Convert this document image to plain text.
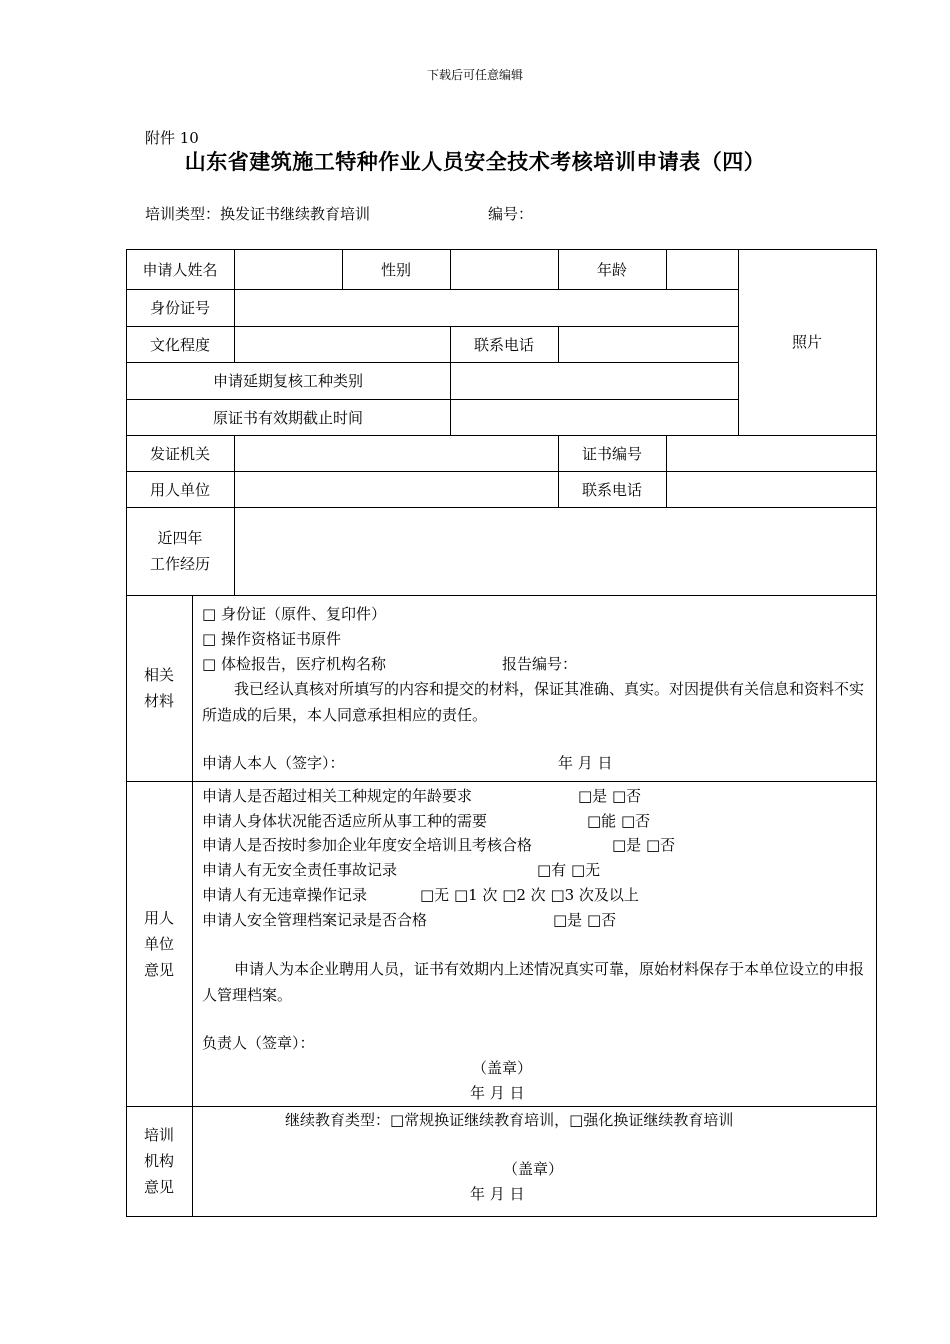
下载后可任意编辑
附件 10
山东省建筑施工特种作业人员安全技术考核培训申请表（四）
培训类型：换发证书继续教育培训	编号：
申请人姓名	性别	年龄
照片
身份证号
文化程度	联系电话
申请延期复核工种类别
原证书有效期截止时间
发证机关	证书编号
用人单位	联系电话
近四年
工作经历
相关
材料
□ 身份证（原件、复印件）
□ 操作资格证书原件
□ 体检报告，医疗机构名称	报告编号：
我已经认真核对所填写的内容和提交的材料，保证其准确、真实。对因提供有关信息和资料不实所造成的后果，本人同意承担相应的责任。
申请人本人（签字）：	年 月 日
用人
单位
意见
申请人是否超过相关工种规定的年龄要求	□是 □否
申请人身体状况能否适应所从事工种的需要	□能 □否
申请人是否按时参加企业年度安全培训且考核合格	□是 □否
申请人有无安全责任事故记录	□有 □无
申请人有无违章操作记录	□无 □1 次 □2 次 □3 次及以上
申请人安全管理档案记录是否合格	□是 □否
申请人为本企业聘用人员，证书有效期内上述情况真实可靠，原始材料保存于本单位设立的申报人管理档案。
负责人（签章）：
（盖章）
年 月 日
培训
机构
意见
继续教育类型：□常规换证继续教育培训，□强化换证继续教育培训
（盖章）
年 月 日
